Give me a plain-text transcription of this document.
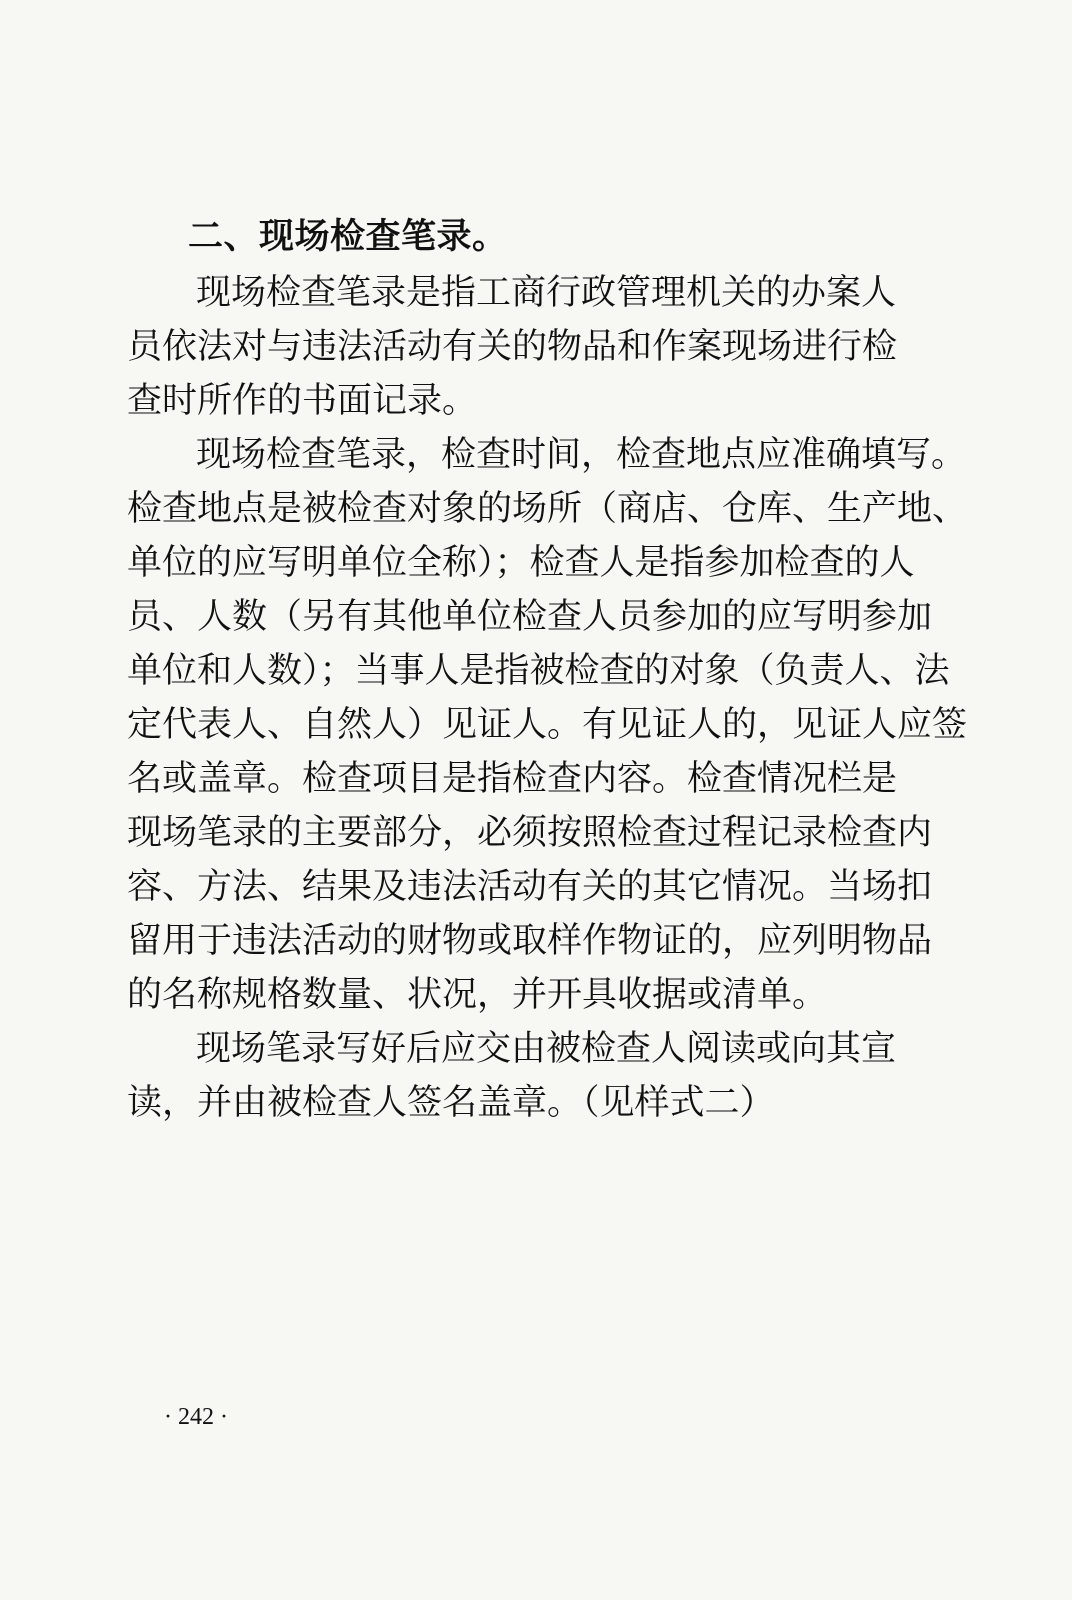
二、现场检查笔录。
现场检查笔录是指工商行政管理机关的办案人
员依法对与违法活动有关的物品和作案现场进行检
查时所作的书面记录。
现场检查笔录，检查时间，检查地点应准确填写。
检查地点是被检查对象的场所（商店、仓库、生产地、
单位的应写明单位全称）；检查人是指参加检查的人
员、人数（另有其他单位检查人员参加的应写明参加
单位和人数）；当事人是指被检查的对象（负责人、法
定代表人、自然人）见证人。有见证人的，见证人应签
名或盖章。检查项目是指检查内容。检查情况栏是
现场笔录的主要部分，必须按照检查过程记录检查内
容、方法、结果及违法活动有关的其它情况。当场扣
留用于违法活动的财物或取样作物证的，应列明物品
的名称规格数量、状况，并开具收据或清单。
现场笔录写好后应交由被检查人阅读或向其宣
读，并由被检查人签名盖章。（见样式二）
· 242 ·
